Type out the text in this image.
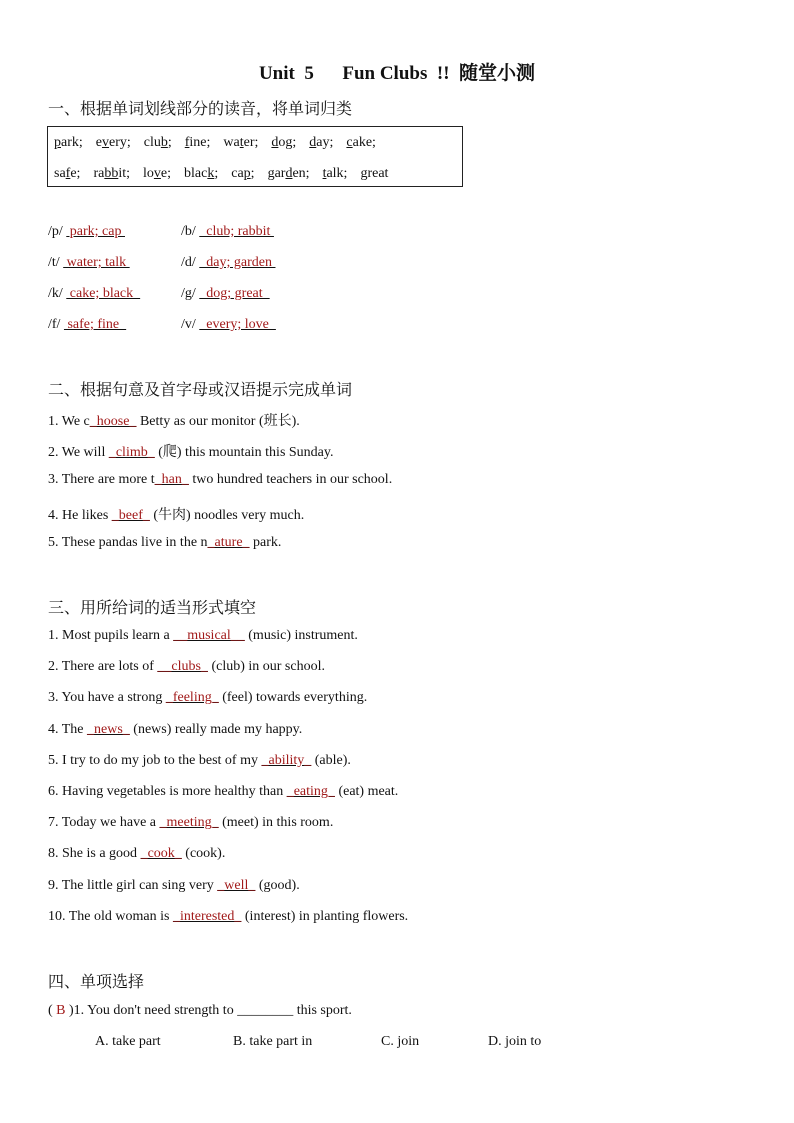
Unit  5      Fun Clubs  !!  随堂小测
一、根据单词划线部分的读音，将单词归类
park; every; club; fine; water; dog; day; cake;
safe; rabbit; love; black; cap; garden; talk; great
/p/  park; cap	/b/   club; rabbit
/t/  water; talk	/d/   day; garden
/k/  cake; black	/g/   dog; great
/f/  safe; fine	/v/   every; love
二、根据句意及首字母或汉语提示完成单词
1. We c_hoose_ Betty as our monitor (班长).
2. We will _climb_ (爬) this mountain this Sunday.
3. There are more t_han_ two hundred teachers in our school.
4. He likes _beef_ (牛肉) noodles very much.
5. These pandas live in the n_ature_ park.
三、用所给词的适当形式填空
1. Most pupils learn a __musical__ (music) instrument.
2. There are lots of __clubs_ (club) in our school.
3. You have a strong _feeling_ (feel) towards everything.
4. The _news_ (news) really made my happy.
5. I try to do my job to the best of my _ability_ (able).
6. Having vegetables is more healthy than _eating_ (eat) meat.
7. Today we have a _meeting_ (meet) in this room.
8. She is a good _cook_ (cook).
9. The little girl can sing very _well_ (good).
10. The old woman is _interested_ (interest) in planting flowers.
四、单项选择
( B )1. You don't need strength to ________ this sport.
A. take part	B. take part in	C. join	D. join to
